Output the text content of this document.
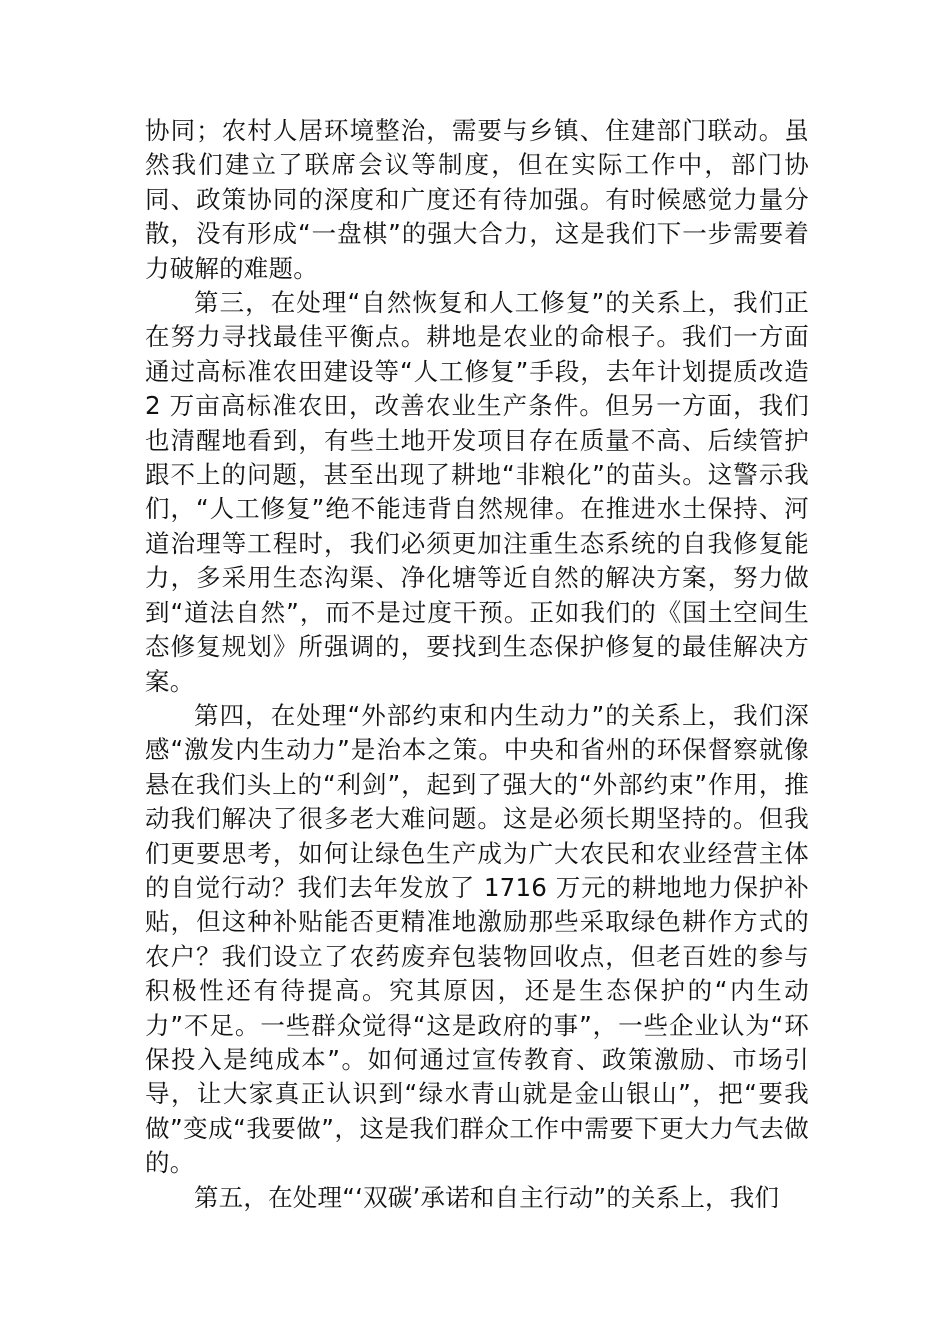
协同；农村人居环境整治，需要与乡镇、住建部门联动。虽然我们建立了联席会议等制度，但在实际工作中，部门协同、政策协同的深度和广度还有待加强。有时候感觉力量分散，没有形成“一盘棋”的强大合力，这是我们下一步需要着力破解的难题。

第三，在处理“自然恢复和人工修复”的关系上，我们正在努力寻找最佳平衡点。耕地是农业的命根子。我们一方面通过高标准农田建设等“人工修复”手段，去年计划提质改造 2 万亩高标准农田，改善农业生产条件。但另一方面，我们也清醒地看到，有些土地开发项目存在质量不高、后续管护跟不上的问题，甚至出现了耕地“非粮化”的苗头。这警示我们，“人工修复”绝不能违背自然规律。在推进水土保持、河道治理等工程时，我们必须更加注重生态系统的自我修复能力，多采用生态沟渠、净化塘等近自然的解决方案，努力做到“道法自然”，而不是过度干预。正如我们的《国土空间生态修复规划》所强调的，要找到生态保护修复的最佳解决方案。

第四，在处理“外部约束和内生动力”的关系上，我们深感“激发内生动力”是治本之策。中央和省州的环保督察就像悬在我们头上的“利剑”，起到了强大的“外部约束”作用，推动我们解决了很多老大难问题。这是必须长期坚持的。但我们更要思考，如何让绿色生产成为广大农民和农业经营主体的自觉行动？我们去年发放了 1716 万元的耕地地力保护补贴，但这种补贴能否更精准地激励那些采取绿色耕作方式的农户？我们设立了农药废弃包装物回收点，但老百姓的参与积极性还有待提高。究其原因，还是生态保护的“内生动力”不足。一些群众觉得“这是政府的事”，一些企业认为“环保投入是纯成本”。如何通过宣传教育、政策激励、市场引导，让大家真正认识到“绿水青山就是金山银山”，把“要我做”变成“我要做”，这是我们群众工作中需要下更大力气去做的。

第五，在处理“‘双碳’承诺和自主行动”的关系上，我们
